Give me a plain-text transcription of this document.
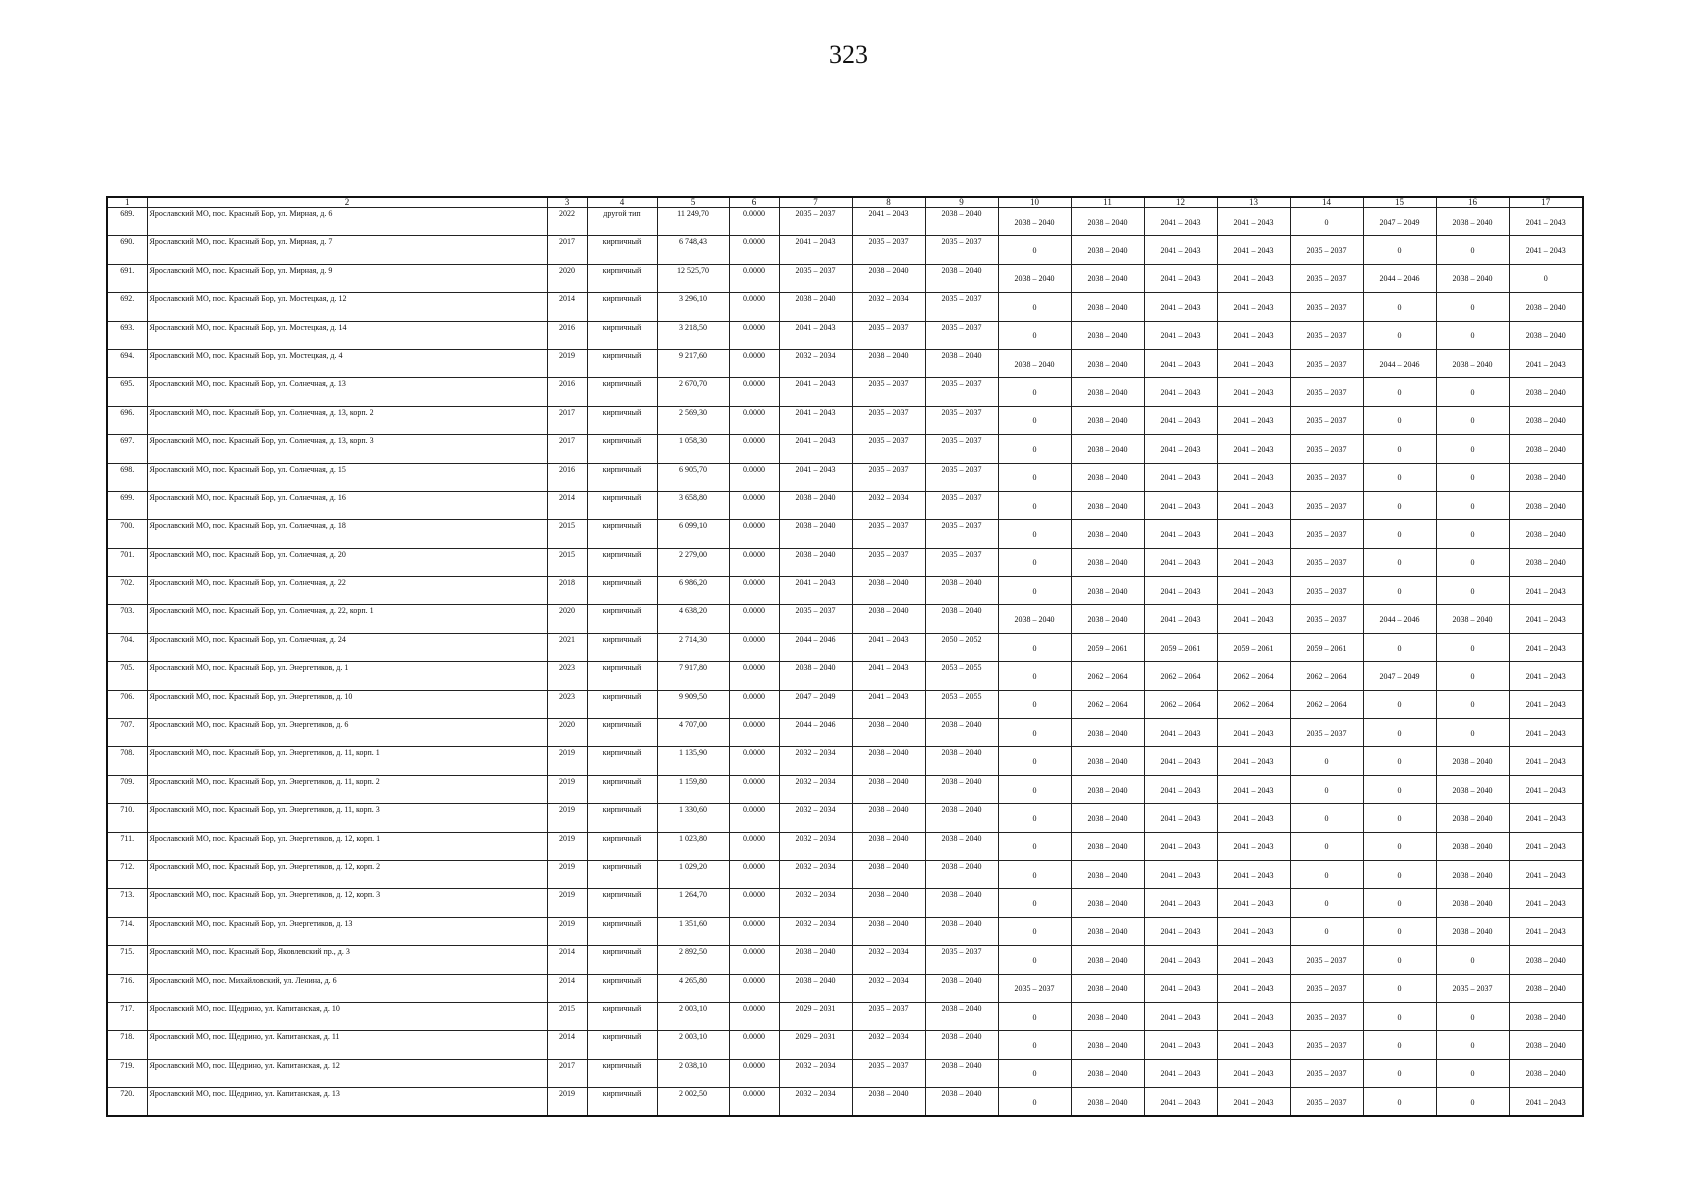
323
1	2	3	4	5	6	7	8	9	10	11	12	13	14	15	16	17
689.	Ярославский МО, пос. Красный Бор, ул. Мирная, д. 6	2022	другой тип	11 249,70	0.0000	2035 – 2037	2041 – 2043	2038 – 2040	2038 – 2040	2038 – 2040	2041 – 2043	2041 – 2043	0	2047 – 2049	2038 – 2040	2041 – 2043
690.	Ярославский МО, пос. Красный Бор, ул. Мирная, д. 7	2017	кирпичный	6 748,43	0.0000	2041 – 2043	2035 – 2037	2035 – 2037	0	2038 – 2040	2041 – 2043	2041 – 2043	2035 – 2037	0	0	2041 – 2043
691.	Ярославский МО, пос. Красный Бор, ул. Мирная, д. 9	2020	кирпичный	12 525,70	0.0000	2035 – 2037	2038 – 2040	2038 – 2040	2038 – 2040	2038 – 2040	2041 – 2043	2041 – 2043	2035 – 2037	2044 – 2046	2038 – 2040	0
692.	Ярославский МО, пос. Красный Бор, ул. Мостецкая, д. 12	2014	кирпичный	3 296,10	0.0000	2038 – 2040	2032 – 2034	2035 – 2037	0	2038 – 2040	2041 – 2043	2041 – 2043	2035 – 2037	0	0	2038 – 2040
693.	Ярославский МО, пос. Красный Бор, ул. Мостецкая, д. 14	2016	кирпичный	3 218,50	0.0000	2041 – 2043	2035 – 2037	2035 – 2037	0	2038 – 2040	2041 – 2043	2041 – 2043	2035 – 2037	0	0	2038 – 2040
694.	Ярославский МО, пос. Красный Бор, ул. Мостецкая, д. 4	2019	кирпичный	9 217,60	0.0000	2032 – 2034	2038 – 2040	2038 – 2040	2038 – 2040	2038 – 2040	2041 – 2043	2041 – 2043	2035 – 2037	2044 – 2046	2038 – 2040	2041 – 2043
695.	Ярославский МО, пос. Красный Бор, ул. Солнечная, д. 13	2016	кирпичный	2 670,70	0.0000	2041 – 2043	2035 – 2037	2035 – 2037	0	2038 – 2040	2041 – 2043	2041 – 2043	2035 – 2037	0	0	2038 – 2040
696.	Ярославский МО, пос. Красный Бор, ул. Солнечная, д. 13, корп. 2	2017	кирпичный	2 569,30	0.0000	2041 – 2043	2035 – 2037	2035 – 2037	0	2038 – 2040	2041 – 2043	2041 – 2043	2035 – 2037	0	0	2038 – 2040
697.	Ярославский МО, пос. Красный Бор, ул. Солнечная, д. 13, корп. 3	2017	кирпичный	1 058,30	0.0000	2041 – 2043	2035 – 2037	2035 – 2037	0	2038 – 2040	2041 – 2043	2041 – 2043	2035 – 2037	0	0	2038 – 2040
698.	Ярославский МО, пос. Красный Бор, ул. Солнечная, д. 15	2016	кирпичный	6 905,70	0.0000	2041 – 2043	2035 – 2037	2035 – 2037	0	2038 – 2040	2041 – 2043	2041 – 2043	2035 – 2037	0	0	2038 – 2040
699.	Ярославский МО, пос. Красный Бор, ул. Солнечная, д. 16	2014	кирпичный	3 658,80	0.0000	2038 – 2040	2032 – 2034	2035 – 2037	0	2038 – 2040	2041 – 2043	2041 – 2043	2035 – 2037	0	0	2038 – 2040
700.	Ярославский МО, пос. Красный Бор, ул. Солнечная, д. 18	2015	кирпичный	6 099,10	0.0000	2038 – 2040	2035 – 2037	2035 – 2037	0	2038 – 2040	2041 – 2043	2041 – 2043	2035 – 2037	0	0	2038 – 2040
701.	Ярославский МО, пос. Красный Бор, ул. Солнечная, д. 20	2015	кирпичный	2 279,00	0.0000	2038 – 2040	2035 – 2037	2035 – 2037	0	2038 – 2040	2041 – 2043	2041 – 2043	2035 – 2037	0	0	2038 – 2040
702.	Ярославский МО, пос. Красный Бор, ул. Солнечная, д. 22	2018	кирпичный	6 986,20	0.0000	2041 – 2043	2038 – 2040	2038 – 2040	0	2038 – 2040	2041 – 2043	2041 – 2043	2035 – 2037	0	0	2041 – 2043
703.	Ярославский МО, пос. Красный Бор, ул. Солнечная, д. 22, корп. 1	2020	кирпичный	4 638,20	0.0000	2035 – 2037	2038 – 2040	2038 – 2040	2038 – 2040	2038 – 2040	2041 – 2043	2041 – 2043	2035 – 2037	2044 – 2046	2038 – 2040	2041 – 2043
704.	Ярославский МО, пос. Красный Бор, ул. Солнечная, д. 24	2021	кирпичный	2 714,30	0.0000	2044 – 2046	2041 – 2043	2050 – 2052	0	2059 – 2061	2059 – 2061	2059 – 2061	2059 – 2061	0	0	2041 – 2043
705.	Ярославский МО, пос. Красный Бор, ул. Энергетиков, д. 1	2023	кирпичный	7 917,80	0.0000	2038 – 2040	2041 – 2043	2053 – 2055	0	2062 – 2064	2062 – 2064	2062 – 2064	2062 – 2064	2047 – 2049	0	2041 – 2043
706.	Ярославский МО, пос. Красный Бор, ул. Энергетиков, д. 10	2023	кирпичный	9 909,50	0.0000	2047 – 2049	2041 – 2043	2053 – 2055	0	2062 – 2064	2062 – 2064	2062 – 2064	2062 – 2064	0	0	2041 – 2043
707.	Ярославский МО, пос. Красный Бор, ул. Энергетиков, д. 6	2020	кирпичный	4 707,00	0.0000	2044 – 2046	2038 – 2040	2038 – 2040	0	2038 – 2040	2041 – 2043	2041 – 2043	2035 – 2037	0	0	2041 – 2043
708.	Ярославский МО, пос. Красный Бор, ул. Энергетиков, д. 11, корп. 1	2019	кирпичный	1 135,90	0.0000	2032 – 2034	2038 – 2040	2038 – 2040	0	2038 – 2040	2041 – 2043	2041 – 2043	0	0	2038 – 2040	2041 – 2043
709.	Ярославский МО, пос. Красный Бор, ул. Энергетиков, д. 11, корп. 2	2019	кирпичный	1 159,80	0.0000	2032 – 2034	2038 – 2040	2038 – 2040	0	2038 – 2040	2041 – 2043	2041 – 2043	0	0	2038 – 2040	2041 – 2043
710.	Ярославский МО, пос. Красный Бор, ул. Энергетиков, д. 11, корп. 3	2019	кирпичный	1 330,60	0.0000	2032 – 2034	2038 – 2040	2038 – 2040	0	2038 – 2040	2041 – 2043	2041 – 2043	0	0	2038 – 2040	2041 – 2043
711.	Ярославский МО, пос. Красный Бор, ул. Энергетиков, д. 12, корп. 1	2019	кирпичный	1 023,80	0.0000	2032 – 2034	2038 – 2040	2038 – 2040	0	2038 – 2040	2041 – 2043	2041 – 2043	0	0	2038 – 2040	2041 – 2043
712.	Ярославский МО, пос. Красный Бор, ул. Энергетиков, д. 12, корп. 2	2019	кирпичный	1 029,20	0.0000	2032 – 2034	2038 – 2040	2038 – 2040	0	2038 – 2040	2041 – 2043	2041 – 2043	0	0	2038 – 2040	2041 – 2043
713.	Ярославский МО, пос. Красный Бор, ул. Энергетиков, д. 12, корп. 3	2019	кирпичный	1 264,70	0.0000	2032 – 2034	2038 – 2040	2038 – 2040	0	2038 – 2040	2041 – 2043	2041 – 2043	0	0	2038 – 2040	2041 – 2043
714.	Ярославский МО, пос. Красный Бор, ул. Энергетиков, д. 13	2019	кирпичный	1 351,60	0.0000	2032 – 2034	2038 – 2040	2038 – 2040	0	2038 – 2040	2041 – 2043	2041 – 2043	0	0	2038 – 2040	2041 – 2043
715.	Ярославский МО, пос. Красный Бор, Яковлевский пр., д. 3	2014	кирпичный	2 892,50	0.0000	2038 – 2040	2032 – 2034	2035 – 2037	0	2038 – 2040	2041 – 2043	2041 – 2043	2035 – 2037	0	0	2038 – 2040
716.	Ярославский МО, пос. Михайловский, ул. Ленина, д. 6	2014	кирпичный	4 265,80	0.0000	2038 – 2040	2032 – 2034	2038 – 2040	2035 – 2037	2038 – 2040	2041 – 2043	2041 – 2043	2035 – 2037	0	2035 – 2037	2038 – 2040
717.	Ярославский МО, пос. Щедрино, ул. Капитанская, д. 10	2015	кирпичный	2 003,10	0.0000	2029 – 2031	2035 – 2037	2038 – 2040	0	2038 – 2040	2041 – 2043	2041 – 2043	2035 – 2037	0	0	2038 – 2040
718.	Ярославский МО, пос. Щедрино, ул. Капитанская, д. 11	2014	кирпичный	2 003,10	0.0000	2029 – 2031	2032 – 2034	2038 – 2040	0	2038 – 2040	2041 – 2043	2041 – 2043	2035 – 2037	0	0	2038 – 2040
719.	Ярославский МО, пос. Щедрино, ул. Капитанская, д. 12	2017	кирпичный	2 038,10	0.0000	2032 – 2034	2035 – 2037	2038 – 2040	0	2038 – 2040	2041 – 2043	2041 – 2043	2035 – 2037	0	0	2038 – 2040
720.	Ярославский МО, пос. Щедрино, ул. Капитанская, д. 13	2019	кирпичный	2 002,50	0.0000	2032 – 2034	2038 – 2040	2038 – 2040	0	2038 – 2040	2041 – 2043	2041 – 2043	2035 – 2037	0	0	2041 – 2043
